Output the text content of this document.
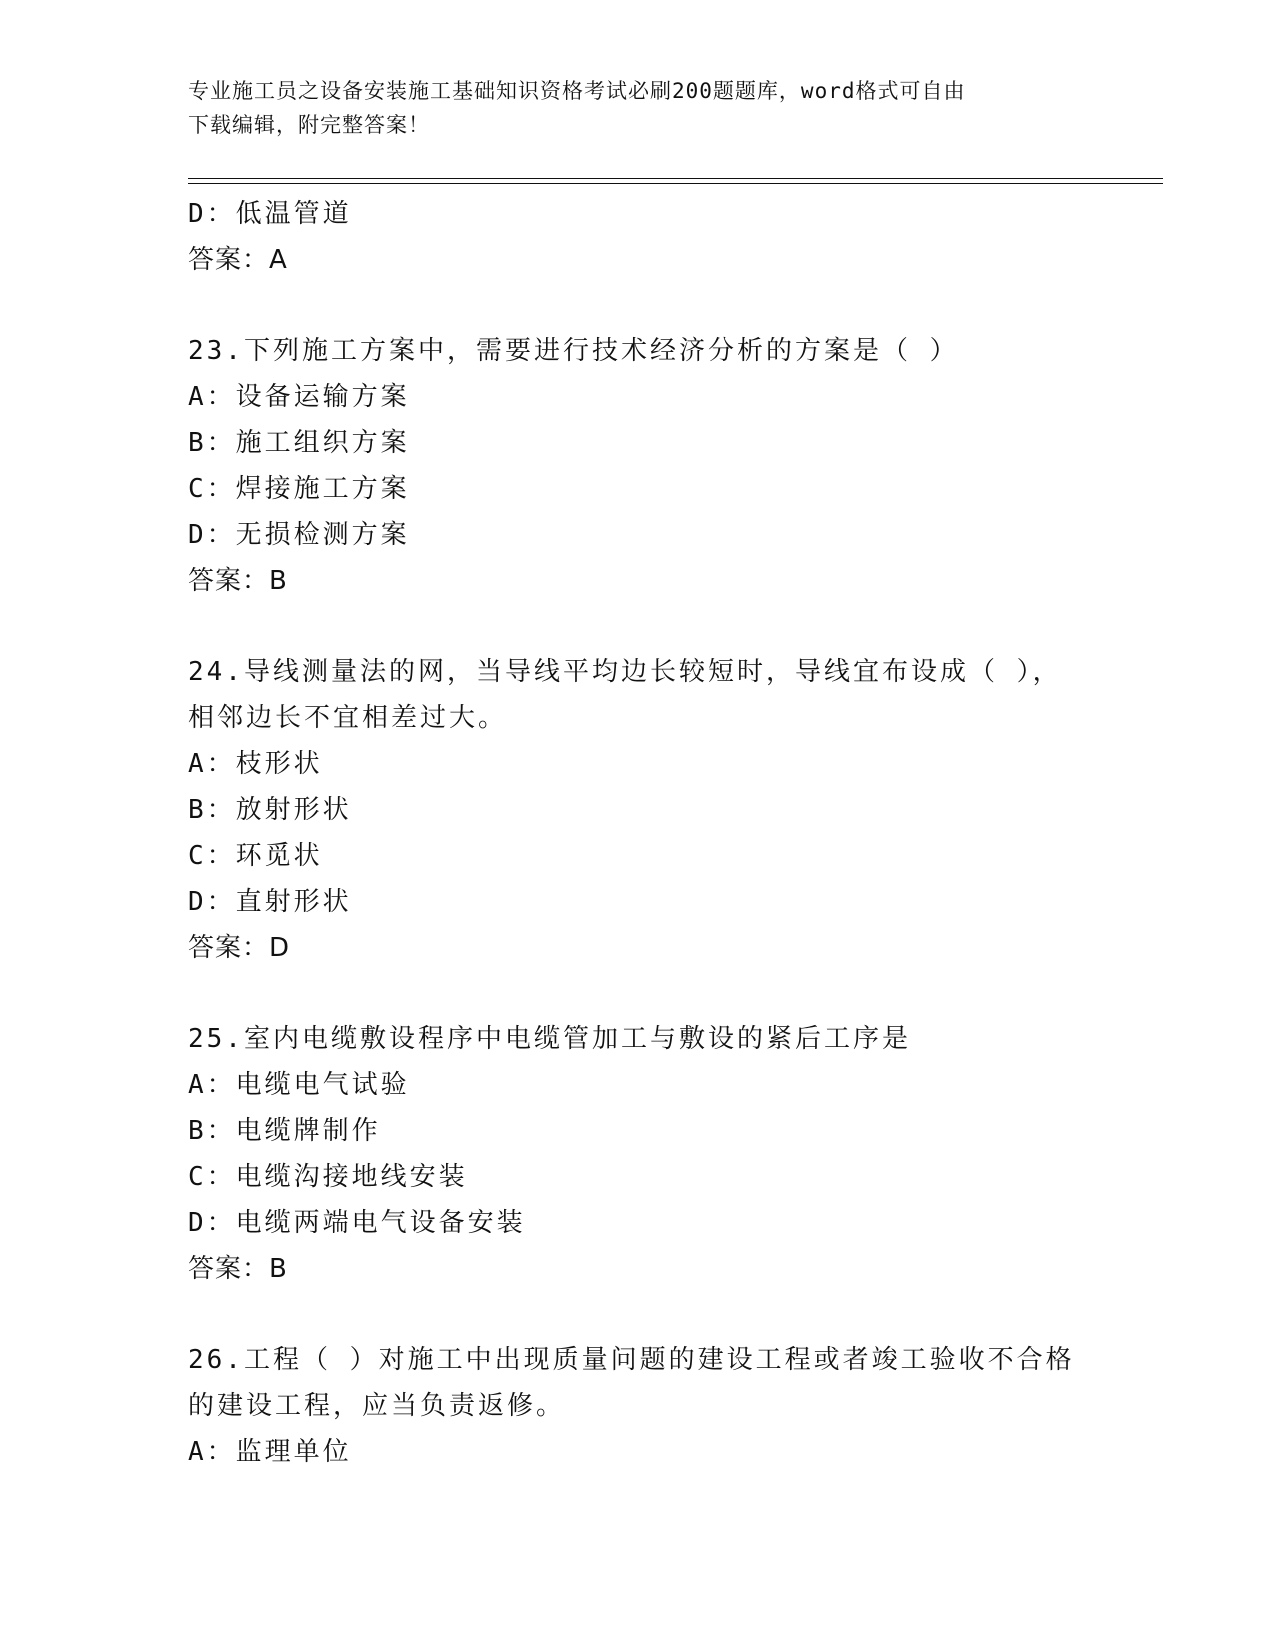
专业施工员之设备安装施工基础知识资格考试必刷200题题库，word格式可自由
下载编辑，附完整答案！
D：低温管道
答案：A
23.下列施工方案中，需要进行技术经济分析的方案是（ ）
A：设备运输方案
B：施工组织方案
C：焊接施工方案
D：无损检测方案
答案：B
24.导线测量法的网，当导线平均边长较短时，导线宜布设成（ ），
相邻边长不宜相差过大。
A：枝形状
B：放射形状
C：环觅状
D：直射形状
答案：D
25.室内电缆敷设程序中电缆管加工与敷设的紧后工序是
A：电缆电气试验
B：电缆牌制作
C：电缆沟接地线安装
D：电缆两端电气设备安装
答案：B
26.工程（ ）对施工中出现质量问题的建设工程或者竣工验收不合格
的建设工程，应当负责返修。
A：监理单位
